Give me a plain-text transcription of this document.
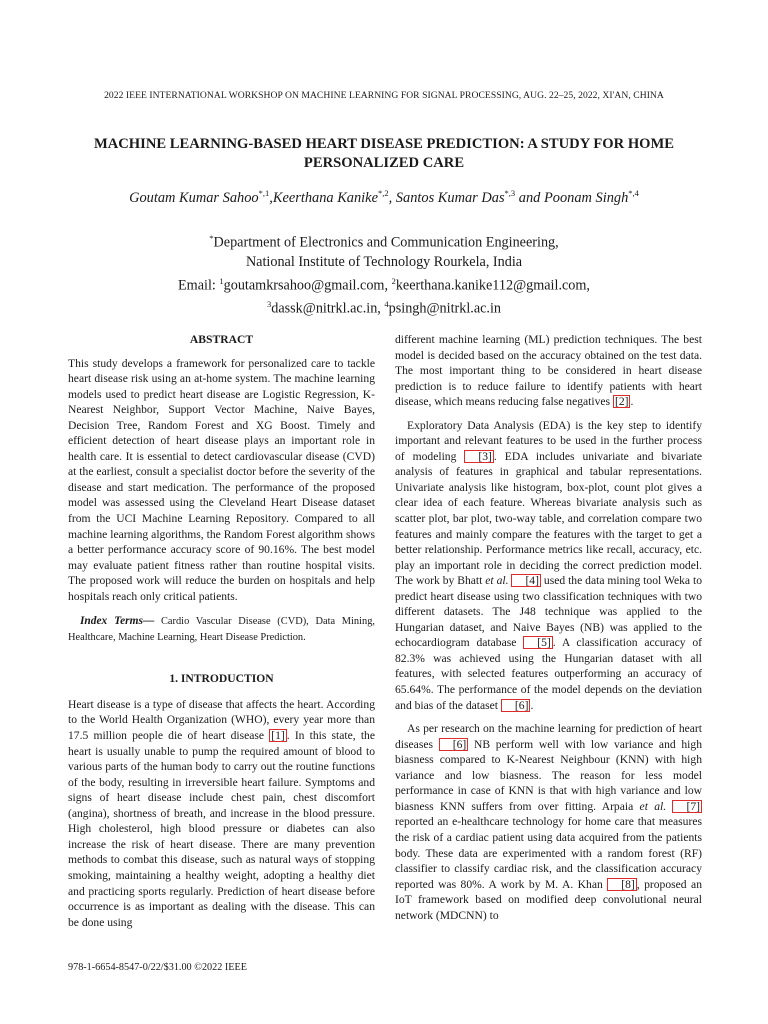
2022 IEEE INTERNATIONAL WORKSHOP ON MACHINE LEARNING FOR SIGNAL PROCESSING, AUG. 22–25, 2022, XI'AN, CHINA
MACHINE LEARNING-BASED HEART DISEASE PREDICTION: A STUDY FOR HOME
PERSONALIZED CARE
Goutam Kumar Sahoo$^{*,1}$,Keerthana Kanike$^{*,2}$, Santos Kumar Das$^{*,3}$ and Poonam Singh$^{*,4}$
*Department of Electronics and Communication Engineering,
National Institute of Technology Rourkela, India
Email: $^1$goutamkrsahoo@gmail.com, $^2$keerthana.kanike112@gmail.com,
$^3$dassk@nitrkl.ac.in, $^4$psingh@nitrkl.ac.in
ABSTRACT

This study develops a framework for personalized care to tackle heart disease risk using an at-home system. The machine learning models used to predict heart disease are Logistic Regression, K-Nearest Neighbor, Support Vector Machine, Naive Bayes, Decision Tree, Random Forest and XG Boost. Timely and efficient detection of heart disease plays an important role in health care. It is essential to detect cardiovascular disease (CVD) at the earliest, consult a specialist doctor before the severity of the disease and start medication. The performance of the proposed model was assessed using the Cleveland Heart Disease dataset from the UCI Machine Learning Repository. Compared to all machine learning algorithms, the Random Forest algorithm shows a better performance accuracy score of 90.16%. The best model may evaluate patient fitness rather than routine hospital visits. The proposed work will reduce the burden on hospitals and help hospitals reach only critical patients.

Index Terms— Cardio Vascular Disease (CVD), Data Mining, Healthcare, Machine Learning, Heart Disease Prediction.

1. INTRODUCTION

Heart disease is a type of disease that affects the heart. According to the World Health Organization (WHO), every year more than 17.5 million people die of heart disease [1] . In this state, the heart is usually unable to pump the required amount of blood to various parts of the human body to carry out the routine functions of the body, resulting in irreversible heart failure. Symptoms and signs of heart disease include chest pain, chest discomfort (angina), shortness of breath, and increase in the blood pressure. High cholesterol, high blood pressure or diabetes can also increase the risk of heart disease. There are many prevention methods to combat this disease, such as natural ways of stopping smoking, maintaining a healthy weight, adopting a healthy diet and practicing sports regularly. Prediction of heart disease before occurrence is as important as dealing with the disease. This can be done using

different machine learning (ML) prediction techniques. The best model is decided based on the accuracy obtained on the test data. The most important thing to be considered in heart disease prediction is to reduce failure to identify patients with heart disease, which means reducing false negatives [2] .

Exploratory Data Analysis (EDA) is the key step to identify important and relevant features to be used in the further process of modeling [3] . EDA includes univariate and bivariate analysis of features in graphical and tabular representations. Univariate analysis like histogram, box-plot, count plot gives a clear idea of each feature. Whereas bivariate analysis such as scatter plot, bar plot, two-way table, and correlation compare two features and mainly compare the features with the target to get a better relationship. Performance metrics like recall, accuracy, etc. play an important role in deciding the correct prediction model. The work by Bhatt et al. [4] used the data mining tool Weka to predict heart disease using two classification techniques with two different datasets. The J48 technique was applied to the Hungarian dataset, and Naive Bayes (NB) was applied to the echocardiogram database [5] . A classification accuracy of 82.3% was achieved using the Hungarian dataset with all features, with selected features outperforming an accuracy of 65.64%. The performance of the model depends on the deviation and bias of the dataset [6] .

As per research on the machine learning for prediction of heart diseases [6] NB perform well with low variance and high biasness compared to K-Nearest Neighbour (KNN) with high variance and low biasness. The reason for less model performance in case of KNN is that with high variance and low biasness KNN suffers from over fitting. Arpaia et al. [7] reported an e-healthcare technology for home care that measures the risk of a cardiac patient using data acquired from the patients body. These data are experimented with a random forest (RF) classifier to classify cardiac risk, and the classification accuracy reported was 80%. A work by M. A. Khan [8] , proposed an IoT framework based on modified deep convolutional neural network (MDCNN) to

978-1-6654-8547-0/22/$31.00 ©2022 IEEE
